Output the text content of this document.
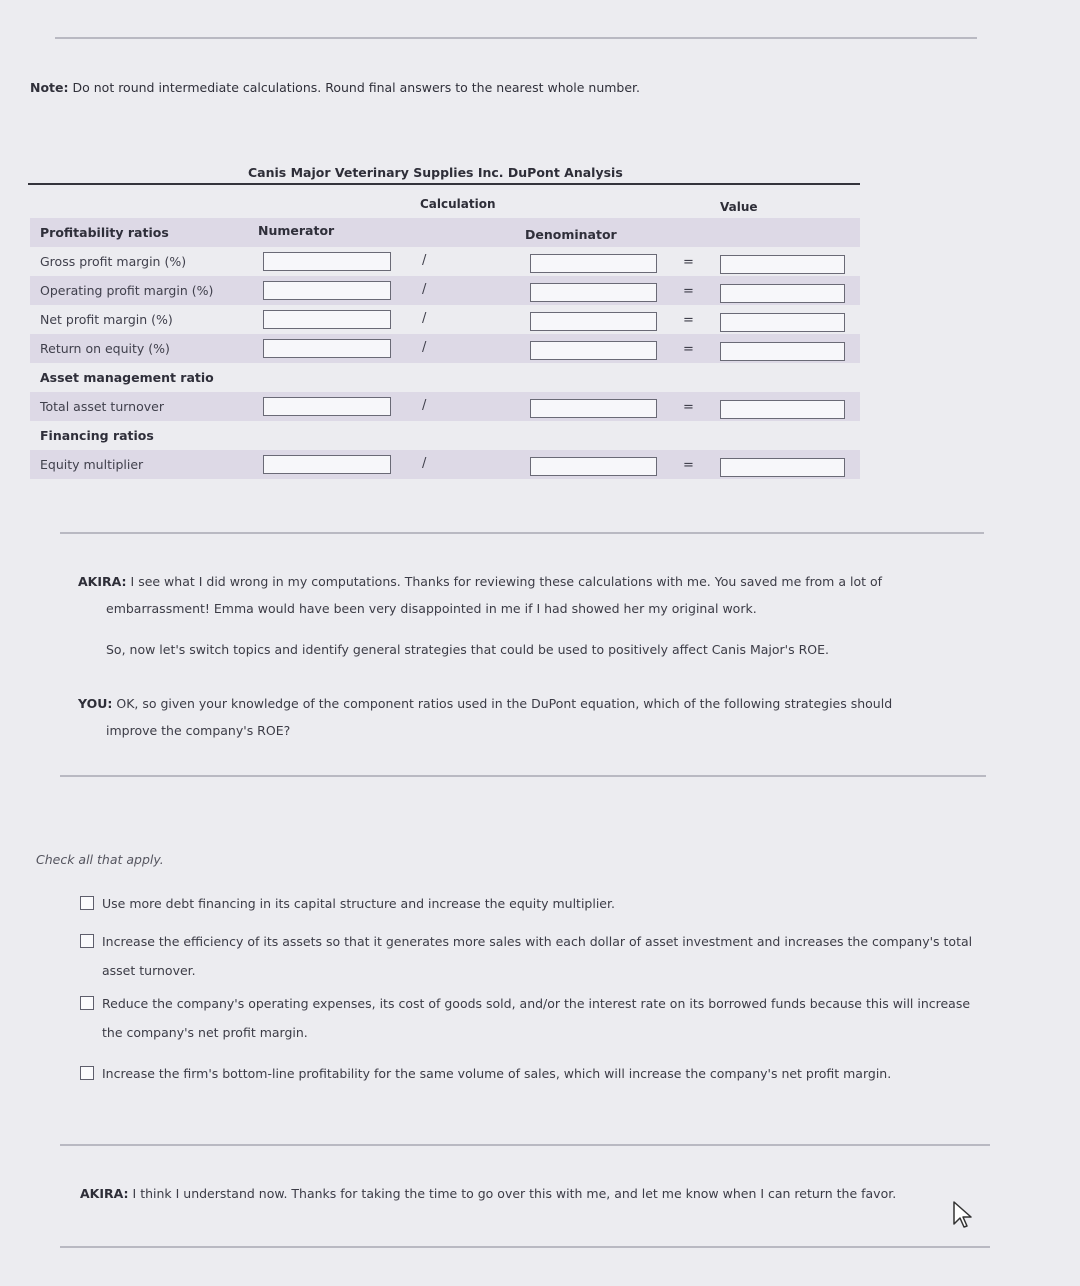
Note: Do not round intermediate calculations. Round final answers to the nearest whole number.
Canis Major Veterinary Supplies Inc. DuPont Analysis
Calculation	Value
Profitability ratios	Numerator	Denominator
Gross profit margin (%)	/	=
Operating profit margin (%)	/	=
Net profit margin (%)	/	=
Return on equity (%)	/	=
Asset management ratio
Total asset turnover	/	=
Financing ratios
Equity multiplier	/	=
AKIRA: I see what I did wrong in my computations. Thanks for reviewing these calculations with me. You saved me from a lot of
embarrassment! Emma would have been very disappointed in me if I had showed her my original work.
So, now let's switch topics and identify general strategies that could be used to positively affect Canis Major's ROE.
YOU: OK, so given your knowledge of the component ratios used in the DuPont equation, which of the following strategies should
improve the company's ROE?
Check all that apply.
Use more debt financing in its capital structure and increase the equity multiplier.
Increase the efficiency of its assets so that it generates more sales with each dollar of asset investment and increases the company's total
asset turnover.
Reduce the company's operating expenses, its cost of goods sold, and/or the interest rate on its borrowed funds because this will increase
the company's net profit margin.
Increase the firm's bottom-line profitability for the same volume of sales, which will increase the company's net profit margin.
AKIRA: I think I understand now. Thanks for taking the time to go over this with me, and let me know when I can return the favor.
